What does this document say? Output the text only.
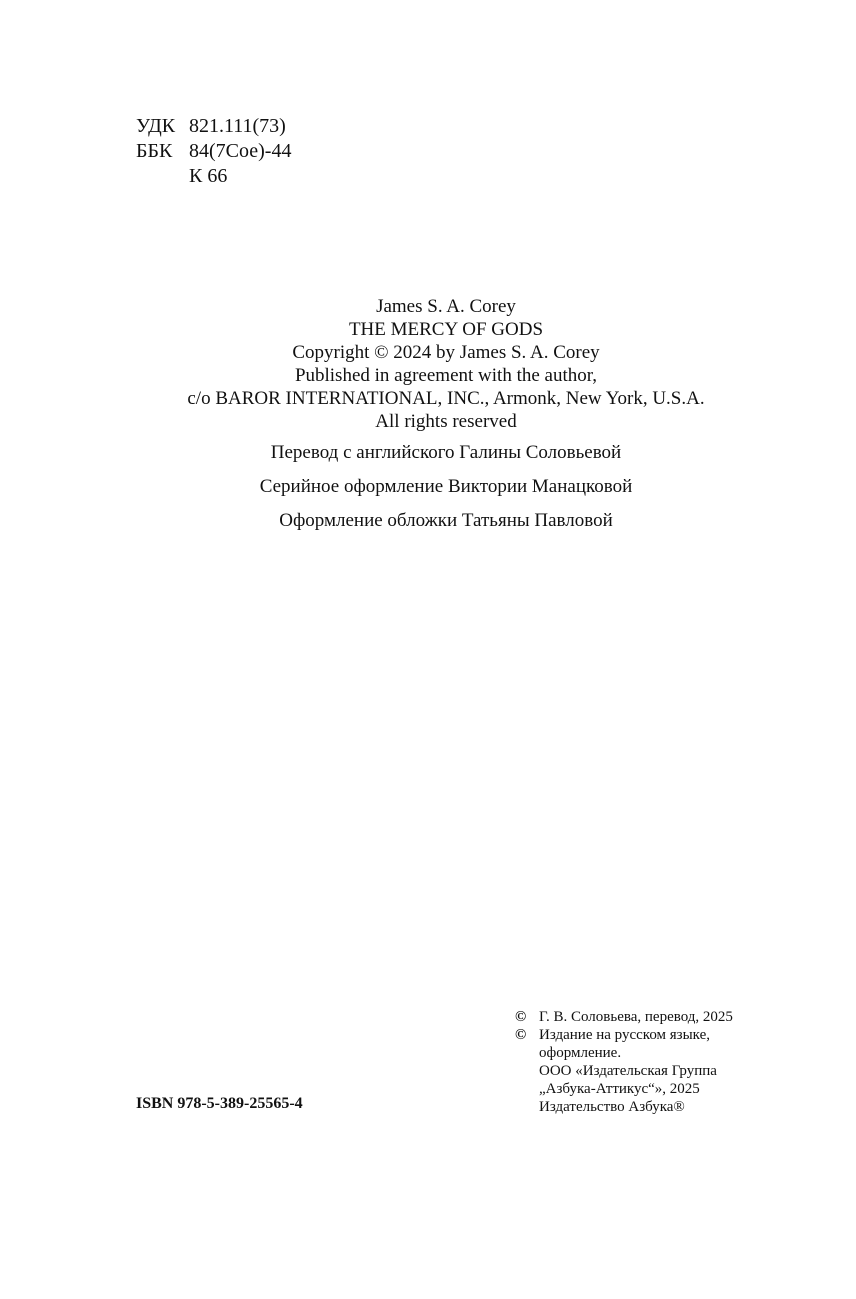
УДК 821.111(73)
ББК 84(7Сое)-44
К 66
James S. A. Corey
THE MERCY OF GODS
Copyright © 2024 by James S. A. Corey
Published in agreement with the author,
c/o BAROR INTERNATIONAL, INC., Armonk, New York, U.S.A.
All rights reserved
Перевод с английского Галины Соловьевой
Серийное оформление Виктории Манацковой
Оформление обложки Татьяны Павловой
ISBN 978-5-389-25565-4
© Г. В. Соловьева, перевод, 2025
© Издание на русском языке,
оформление.
ООО «Издательская Группа
„Азбука-Аттикус“», 2025
Издательство Азбука®
